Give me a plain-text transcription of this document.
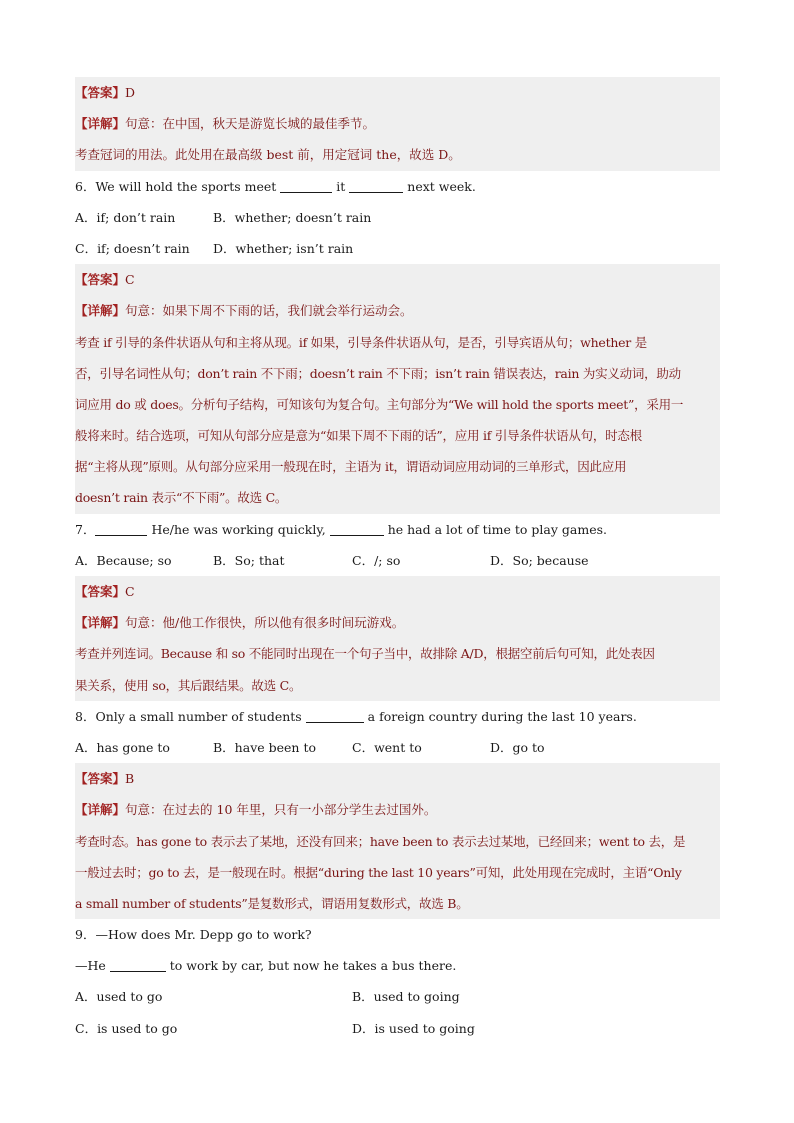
【答案】D
【详解】句意：在中国，秋天是游览长城的最佳季节。
考查冠词的用法。此处用在最高级 best 前，用定冠词 the，故选 D。
6．We will hold the sports meet	it	next week.
A．if; don’t rain	B．whether; doesn’t rain
C．if; doesn’t rain D．whether; isn’t rain
【答案】C
【详解】句意：如果下周不下雨的话，我们就会举行运动会。
考查 if 引导的条件状语从句和主将从现。if 如果，引导条件状语从句，是否，引导宾语从句；whether 是
否，引导名词性从句；don’t rain 不下雨；doesn’t rain 不下雨；isn’t rain 错误表达，rain 为实义动词，助动
词应用 do 或 does。分析句子结构，可知该句为复合句。主句部分为“We will hold the sports meet”，采用一
般将来时。结合选项，可知从句部分应是意为“如果下周不下雨的话”，应用 if 引导条件状语从句，时态根
据“主将从现”原则。从句部分应采用一般现在时，主语为 it，谓语动词应用动词的三单形式，因此应用
doesn’t rain 表示“不下雨”。故选 C。
7．	He/he was working quickly,	he had a lot of time to play games.
A．Because; so	B．So; that	C．/; so	D．So; because
【答案】C
【详解】句意：他/他工作很快，所以他有很多时间玩游戏。
考查并列连词。Because 和 so 不能同时出现在一个句子当中，故排除 A/D，根据空前后句可知，此处表因
果关系，使用 so，其后跟结果。故选 C。
8．Only a small number of students	a foreign country during the last 10 years.
A．has gone to	B．have been to	C．went to	D．go to
【答案】B
【详解】句意：在过去的 10 年里，只有一小部分学生去过国外。
考查时态。has gone to 表示去了某地，还没有回来；have been to 表示去过某地，已经回来；went to 去，是
一般过去时；go to 去，是一般现在时。根据“during the last 10 years”可知，此处用现在完成时，主语“Only
a small number of students”是复数形式，谓语用复数形式，故选 B。
9．—How does Mr. Depp go to work?
—He	to work by car, but now he takes a bus there.
A．used to go	B．used to going
C．is used to go	D．is used to going
